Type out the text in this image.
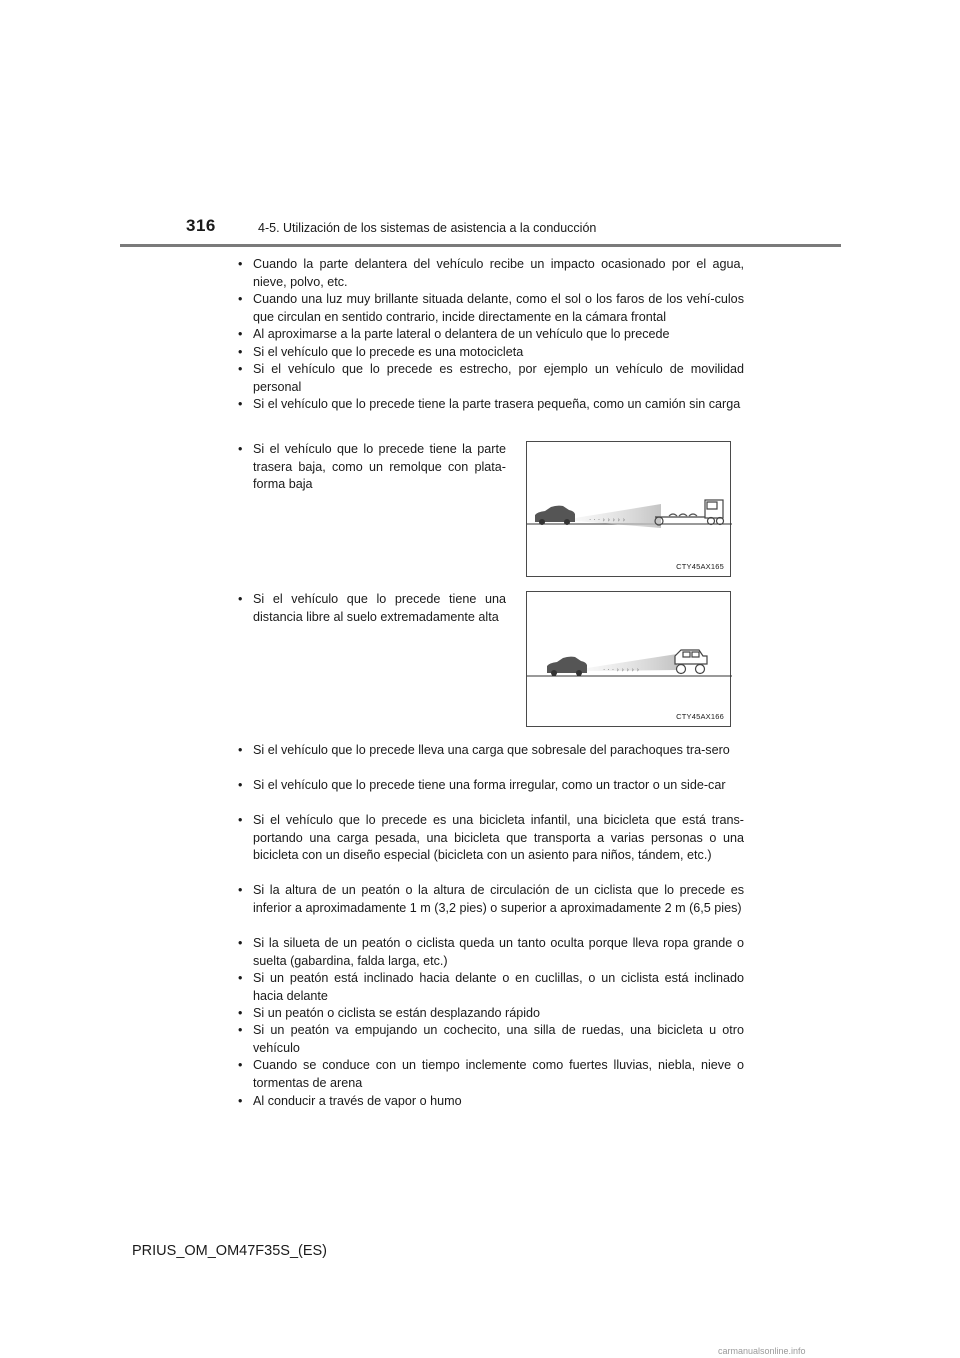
316	4-5. Utilización de los sistemas de asistencia a la conducción
• Cuando la parte delantera del vehículo recibe un impacto ocasionado por el agua, nieve, polvo, etc.
• Cuando una luz muy brillante situada delante, como el sol o los faros de los vehí-culos que circulan en sentido contrario, incide directamente en la cámara frontal
• Al aproximarse a la parte lateral o delantera de un vehículo que lo precede
• Si el vehículo que lo precede es una motocicleta
• Si el vehículo que lo precede es estrecho, por ejemplo un vehículo de movilidad personal
• Si el vehículo que lo precede tiene la parte trasera pequeña, como un camión sin carga
• Si el vehículo que lo precede tiene la parte trasera baja, como un remolque con plata-forma baja
• Si el vehículo que lo precede tiene una distancia libre al suelo extremadamente alta
• Si el vehículo que lo precede lleva una carga que sobresale del parachoques tra-sero
• Si el vehículo que lo precede tiene una forma irregular, como un tractor o un side-car
• Si el vehículo que lo precede es una bicicleta infantil, una bicicleta que está trans-portando una carga pesada, una bicicleta que transporta a varias personas o una bicicleta con un diseño especial (bicicleta con un asiento para niños, tándem, etc.)
• Si la altura de un peatón o la altura de circulación de un ciclista que lo precede es inferior a aproximadamente 1 m (3,2 pies) o superior a aproximadamente 2 m (6,5 pies)
• Si la silueta de un peatón o ciclista queda un tanto oculta porque lleva ropa grande o suelta (gabardina, falda larga, etc.)
• Si un peatón está inclinado hacia delante o en cuclillas, o un ciclista está inclinado hacia delante
• Si un peatón o ciclista se están desplazando rápido
• Si un peatón va empujando un cochecito, una silla de ruedas, una bicicleta u otro vehículo
• Cuando se conduce con un tiempo inclemente como fuertes lluvias, niebla, nieve o tormentas de arena
• Al conducir a través de vapor o humo
· · · › › › › ›
CTY45AX165
· · · › › › › ›
CTY45AX166
PRIUS_OM_OM47F35S_(ES)
carmanualsonline.info
